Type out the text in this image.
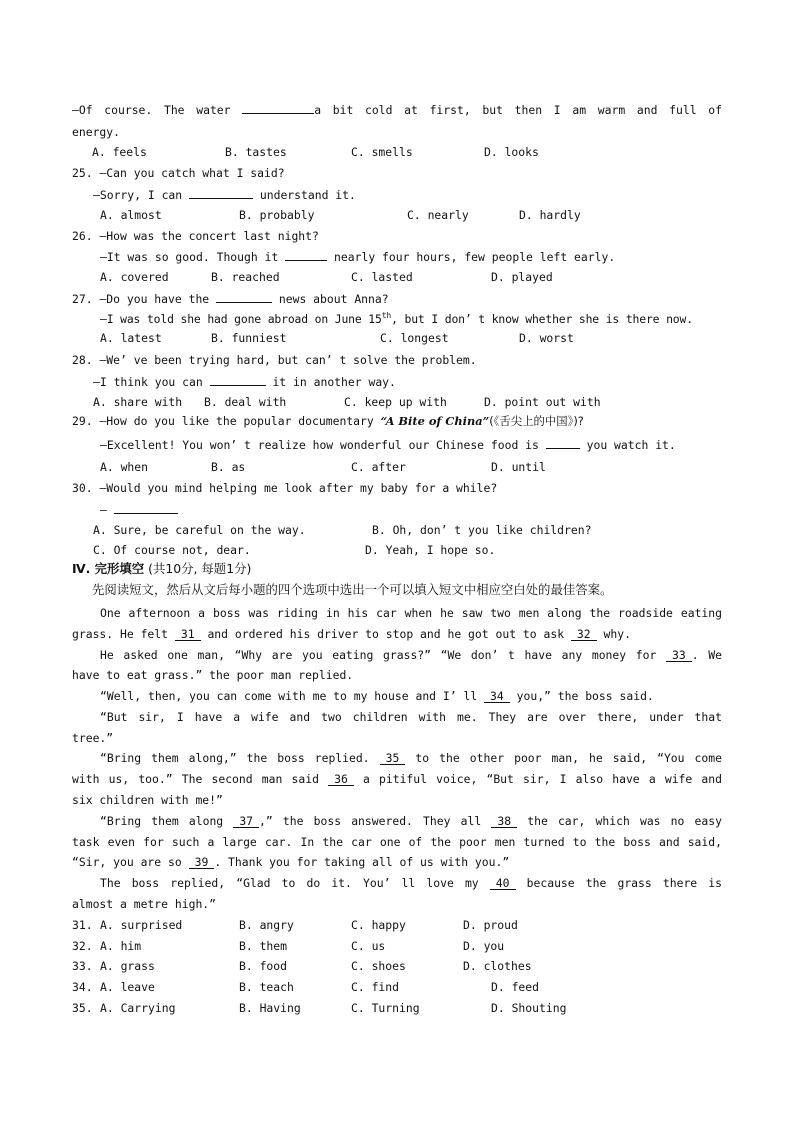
—Of course. The water	a bit cold at first, but then I am warm and full of
energy.
A. feels	B. tastes	C. smells	D. looks
25. —Can you catch what I said?
—Sorry, I can	understand it.
A. almost	B. probably	C. nearly	D. hardly
26. —How was the concert last night?
—It was so good. Though it	nearly four hours, few people left early.
A. covered	B. reached	C. lasted	D. played
27. —Do you have the	news about Anna?
—I was told she had gone abroad on June 15th, but I don’ t know whether she is there now.
A. latest	B. funniest	C. longest	D. worst
28. —We’ ve been trying hard, but can’ t solve the problem.
—I think you can	it in another way.
A. share with B. deal with	C. keep up with	D. point out with
29. —How do you like the popular documentary “A Bite of China”(《舌尖上的中国》)?
—Excellent! You won’ t realize how wonderful our Chinese food is	you watch it.
A. when	B. as	C. after	D. until
30. —Would you mind helping me look after my baby for a while?
—
A. Sure, be careful on the way.	B. Oh, don’ t you like children?
C. Of course not, dear.	D. Yeah, I hope so.
Ⅳ. 完形填空 (共10分, 每题1分)
先阅读短文，然后从文后每小题的四个选项中选出一个可以填入短文中相应空白处的最佳答案。
One afternoon a boss was riding in his car when he saw two men along the roadside eating
grass. He felt 31 and ordered his driver to stop and he got out to ask 32 why.
He asked one man, “Why are you eating grass?” “We don’ t have any money for 33 . We
have to eat grass.” the poor man replied.
“Well, then, you can come with me to my house and I’ ll 34 you,” the boss said.
“But sir, I have a wife and two children with me. They are over there, under that
tree.”
“Bring them along,” the boss replied. 35 to the other poor man, he said, “You come
with us, too.” The second man said 36 a pitiful voice, “But sir, I also have a wife and
six children with me!”
“Bring them along 37 ,” the boss answered. They all 38 the car, which was no easy
task even for such a large car. In the car one of the poor men turned to the boss and said,
“Sir, you are so 39 . Thank you for taking all of us with you.”
The boss replied, “Glad to do it. You’ ll love my 40 because the grass there is
almost a metre high.”
31. A. surprised	B. angry	C. happy	D. proud
32. A. him	B. them	C. us	D. you
33. A. grass	B. food	C. shoes	D. clothes
34. A. leave	B. teach	C. find	D. feed
35. A. Carrying	B. Having	C. Turning	D. Shouting
